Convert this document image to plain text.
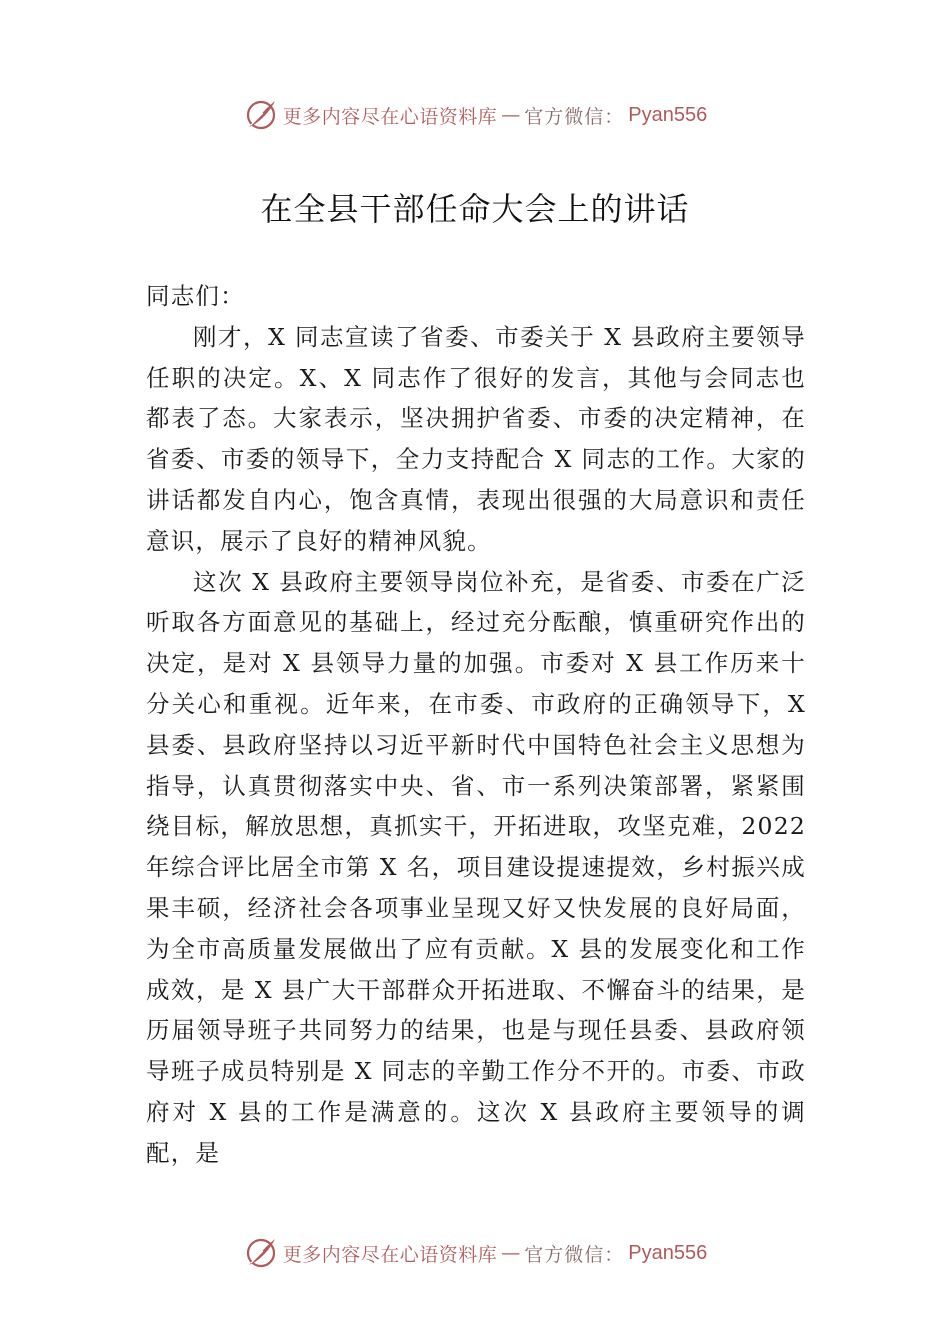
更多内容尽在心语资料库 — 官方微信： Pyan556
在全县干部任命大会上的讲话

同志们：

刚才，X 同志宣读了省委、市委关于 X 县政府主要领导任职的决定。X、X 同志作了很好的发言，其他与会同志也都表了态。大家表示，坚决拥护省委、市委的决定精神，在 省委、市委的领导下，全力支持配合 X 同志的工作。大家的讲话都发自内心，饱含真情，表现出很强的大局意识和责任意识，展示了良好的精神风貌。

这次 X 县政府主要领导岗位补充，是省委、市委在广泛听取各方面意见的基础上，经过充分酝酿，慎重研究作出的决定，是对 X 县领导力量的加强。市委对 X 县工作历来十分关心和重视。近年来，在市委、市政府的正确领导下，X 县委、县政府坚持以习近平新时代中国特色社会主义思想为指导，认真贯彻落实中央、省、市一系列决策部署，紧紧围绕目标，解放思想，真抓实干，开拓进取，攻坚克难，2022 年综合评比居全市第 X 名，项目建设提速提效，乡村振兴成果丰硕，经济社会各项事业呈现又好又快发展的良好局面，为全市高质量发展做出了应有贡献。X 县的发展变化和工作成效，是 X 县广大干部群众开拓进取、不懈奋斗的结果，是历届领导班子共同努力的结果，也是与现任县委、县政府领导班子成员特别是 X 同志的辛勤工作分不开的。市委、市政府对 X 县的工作是满意的。这次 X 县政府主要领导的调配，是

更多内容尽在心语资料库 — 官方微信： Pyan556
